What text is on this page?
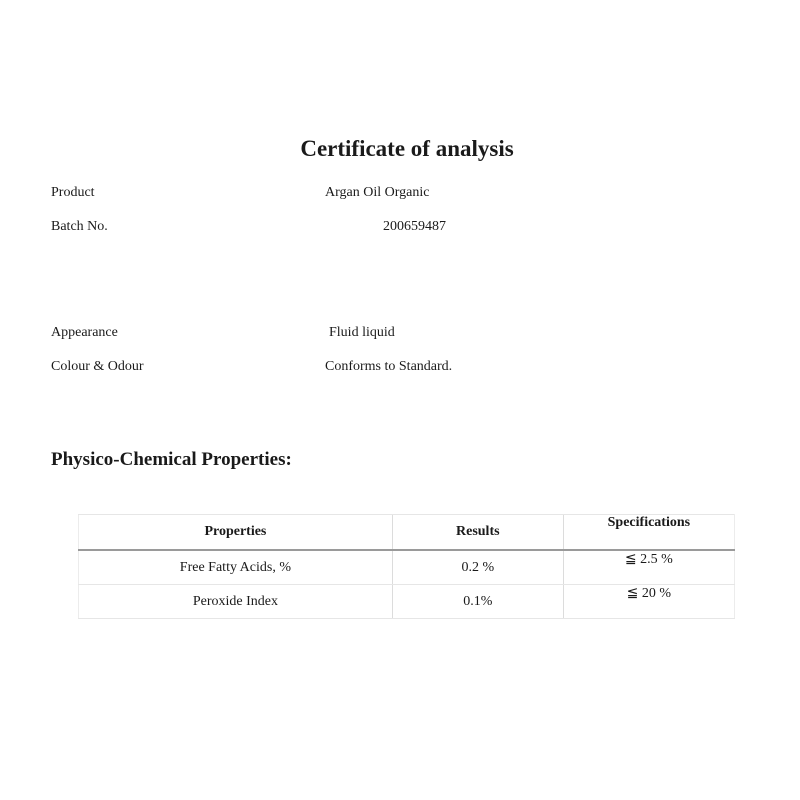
Certificate of analysis
Product	Argan Oil Organic
Batch No.	200659487
Appearance	Fluid liquid
Colour & Odour	Conforms to Standard.
Physico-Chemical Properties:
Properties	Results	Specifications
Free Fatty Acids, %	0.2 %	≦ 2.5 %
Peroxide Index	0.1%	≦ 20 %
